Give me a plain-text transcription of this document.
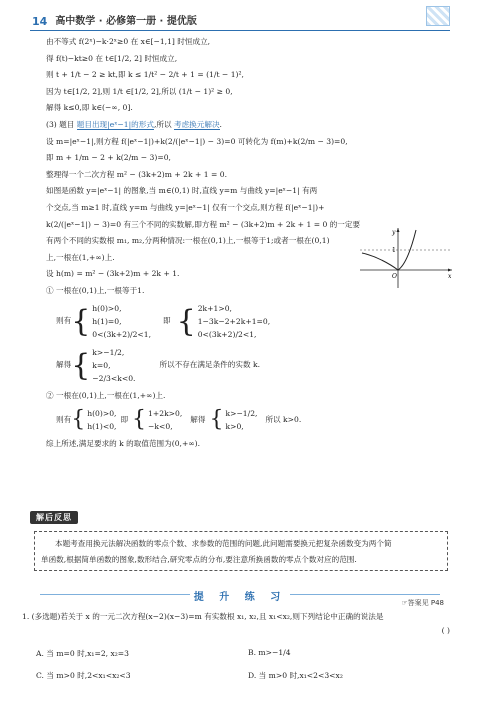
14 高中数学 · 必修第一册 · 提优版
由不等式 f(2ˣ)−k·2ˣ≥0 在 x∈[−1,1] 时恒成立,
得 f(t)−kt≥0 在 t∈[1/2, 2] 时恒成立,
则 t + 1/t − 2 ≥ kt,即 k ≤ 1/t² − 2/t + 1 = (1/t − 1)²,
因为 t∈[1/2, 2],则 1/t ∈[1/2, 2],所以 (1/t − 1)² ≥ 0,
解得 k≤0,即 k∈(−∞, 0].
(3) 题目 题目出现|eˣ−1|的形式,所以 考虑换元解决.
设 m=|eˣ−1|,则方程 f(|eˣ−1|)+k(2/(|eˣ−1|) − 3)=0 可转化为 f(m)+k(2/m − 3)=0,
即 m + 1/m − 2 + k(2/m − 3)=0,
整理得一个二次方程 m² − (3k+2)m + 2k + 1 = 0.
如图是函数 y=|eˣ−1| 的图象,当 m∈(0,1) 时,直线 y=m 与曲线 y=|eˣ−1| 有两
个交点,当 m≥1 时,直线 y=m 与曲线 y=|eˣ−1| 仅有一个交点,则方程 f(|eˣ−1|)+
k(2/(|eˣ−1|) − 3)=0 有三个不同的实数解,即方程 m² − (3k+2)m + 2k + 1 = 0 的一定要
有两个不同的实数根 m₁, m₂,分两种情况:一根在(0,1)上,一根等于1;或者一根在(0,1)
上,一根在(1,+∞)上.
设 h(m) = m² − (3k+2)m + 2k + 1.
① 一根在(0,1)上,一根等于1.
则有 { h(0)>0,
h(1)=0,
0<(3k+2)/2<1,
即 { 2k+1>0,
1−3k−2+2k+1=0,
0<(3k+2)/2<1,
解得 { k>−1/2,
k=0,
−2/3<k<0.
所以不存在满足条件的实数 k.
② 一根在(0,1)上,一根在(1,+∞)上.
则有 { h(0)>0,
h(1)<0,
即 { 1+2k>0,
−k<0,
解得 { k>−1/2,
k>0,
所以 k>0.
综上所述,满足要求的 k 的取值范围为(0,+∞).
y
x
O
1
解后反思
本题考查用换元法解决函数的零点个数、求参数的范围的问题,此问题需要换元把复杂函数变为两个简
单函数,根据简单函数的图象,数形结合,研究零点的分布,要注意所换函数的零点个数对应的范围.
提 升 练 习	☞答案见 P48
1. (多选题)若关于 x 的一元二次方程(x−2)(x−3)=m 有实数根 x₁, x₂,且 x₁<x₂,则下列结论中正确的说法是
( )
A. 当 m=0 时,x₁=2, x₂=3	B. m>−1/4
C. 当 m>0 时,2<x₁<x₂<3	D. 当 m>0 时,x₁<2<3<x₂
